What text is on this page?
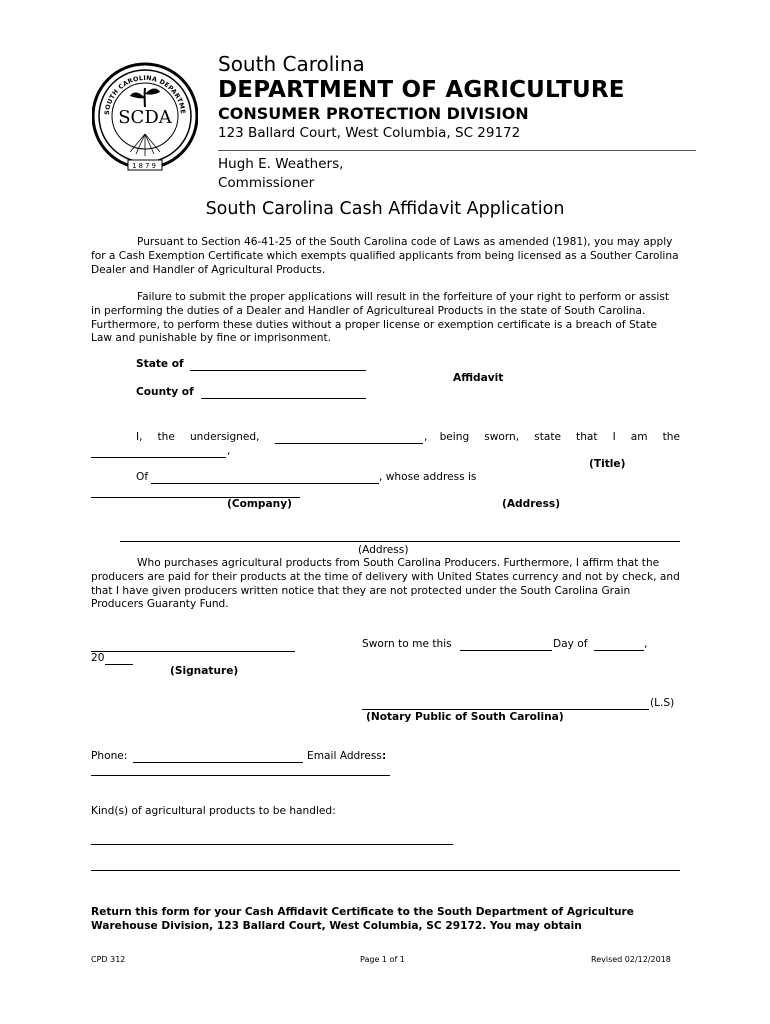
SOUTH CAROLINA DEPARTME
SCDA
1879
South Carolina
DEPARTMENT OF AGRICULTURE
CONSUMER PROTECTION DIVISION
123 Ballard Court, West Columbia, SC 29172
Hugh E. Weathers,
Commissioner
South Carolina Cash Affidavit Application
Pursuant to Section 46-41-25 of the South Carolina code of Laws as amended (1981), you may apply for a Cash Exemption Certificate which exempts qualified applicants from being licensed as a Souther Carolina Dealer and Handler of Agricultural Products.
Failure to submit the proper applications will result in the forfeiture of your right to perform or assist in performing the duties of a Dealer and Handler of Agricultureal Products in the state of South Carolina. Furthermore, to perform these duties without a proper license or exemption certificate is a breach of State Law and punishable by fine or imprisonment.
State of
Affidavit
County of
I, the undersigned,	being sworn, state that I am the
,
,
(Title)
Of	, whose address is
(Company)	(Address)
(Address)
Who purchases agricultural products from South Carolina Producers. Furthermore, I affirm that the producers are paid for their products at the time of delivery with United States currency and not by check, and that I have given producers written notice that they are not protected under the South Carolina Grain Producers Guaranty Fund.
Sworn to me this	Day of	,
20
(Signature)
(L.S)
(Notary Public of South Carolina)
Phone:	Email Address:
Kind(s) of agricultural products to be handled:
Return this form for your Cash Affidavit Certificate to the South Department of Agriculture Warehouse Division, 123 Ballard Court, West Columbia, SC 29172. You may obtain
CPD 312	Page 1 of 1	Revised 02/12/2018
